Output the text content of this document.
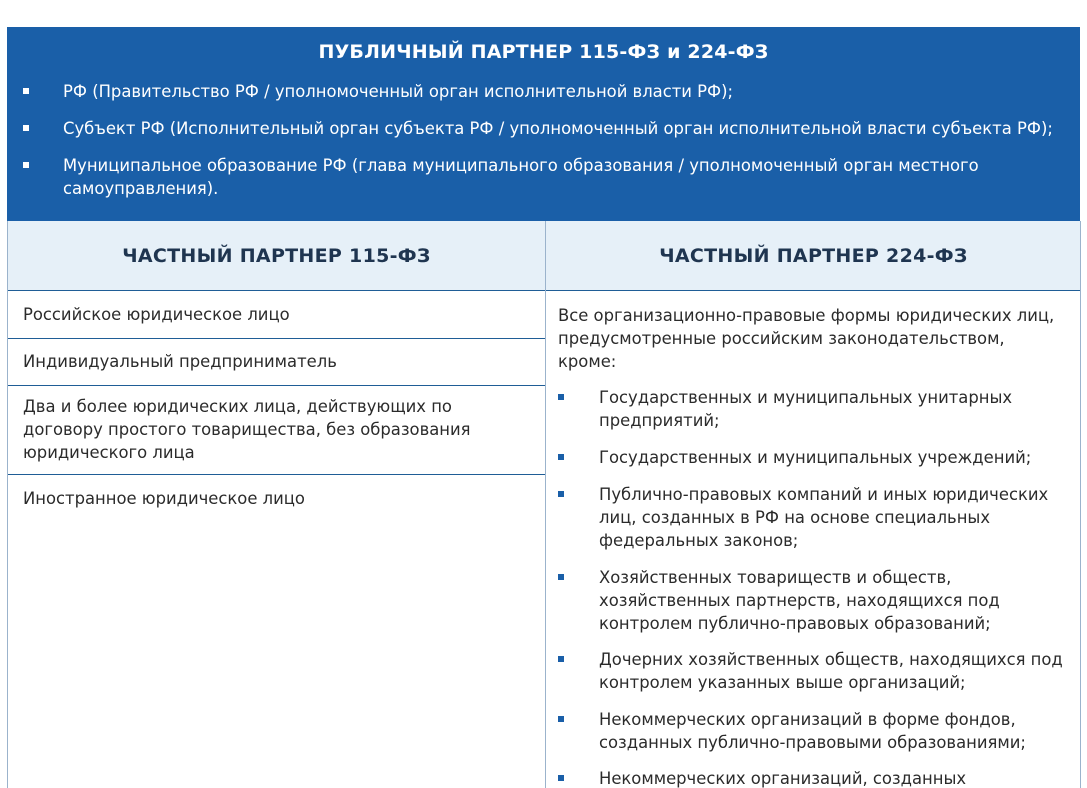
ПУБЛИЧНЫЙ ПАРТНЕР 115-ФЗ и 224-ФЗ
РФ (Правительство РФ / уполномоченный орган исполнительной власти РФ);
Субъект РФ (Исполнительный орган субъекта РФ / уполномоченный орган исполнительной власти субъекта РФ);
Муниципальное образование РФ (глава муниципального образования / уполномоченный орган местного самоуправления).
ЧАСТНЫЙ ПАРТНЕР 115-ФЗ	ЧАСТНЫЙ ПАРТНЕР 224-ФЗ
Российское юридическое лицо
Индивидуальный предприниматель
Два и более юридических лица, действующих по договору простого товарищества, без образования юридического лица
Иностранное юридическое лицо
Все организационно-правовые формы юридических лиц, предусмотренные российским законодательством, кроме:
Государственных и муниципальных унитарных предприятий;
Государственных и муниципальных учреждений;
Публично-правовых компаний и иных юридических лиц, созданных в РФ на основе специальных федеральных законов;
Хозяйственных товариществ и обществ, хозяйственных партнерств, находящихся под контролем публично-правовых образований;
Дочерних хозяйственных обществ, находящихся под контролем указанных выше организаций;
Некоммерческих организаций в форме фондов, созданных публично-правовыми образованиями;
Некоммерческих организаций, созданных
